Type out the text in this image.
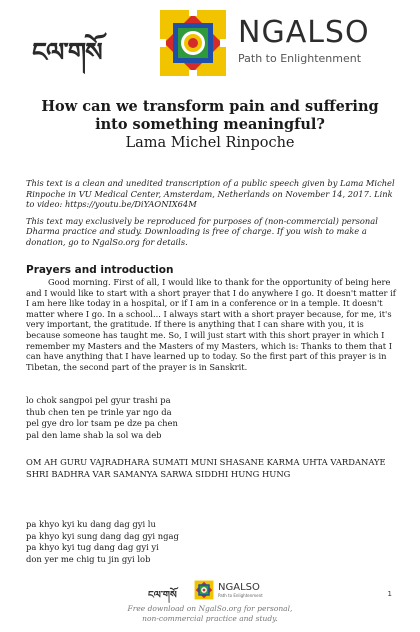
ངལ་གསོ
NGALSO
Path to Enlightenment

How can we transform pain and suffering

into something meaningful?

Lama Michel Rinpoche

This text is a clean and unedited transcription of a public speech given by Lama Michel Rinpoche in VU Medical Center, Amsterdam, Netherlands on November 14, 2017. Link to video: https://youtu.be/DiYAONIX64M

This text may exclusively be reproduced for purposes of (non-commercial) personal Dharma practice and study. Downloading is free of charge. If you wish to make a donation, go to NgalSo.org for details.

Prayers and introduction

Good morning. First of all, I would like to thank for the opportunity of being here and I would like to start with a short prayer that I do anywhere I go. It doesn't matter if I am here like today in a hospital, or if I am in a conference or in a temple. It doesn't matter where I go. In a school... I always start with a short prayer because, for me, it's very important, the gratitude. If there is anything that I can share with you, it is because someone has taught me. So, I will just start with this short prayer in which I remember my Masters and the Masters of my Masters, which is: Thanks to them that I can have anything that I have learned up to today. So the first part of this prayer is in Tibetan, the second part of the prayer is in Sanskrit.

lo chok sangpoi pel gyur trashi pa
thub chen ten pe trinle yar ngo da
pel gye dro lor tsam pe dze pa chen
pal den lame shab la sol wa deb
OM AH GURU VAJRADHARA SUMATI MUNI SHASANE KARMA UHTA VARDANAYE SHRI BADHRA VAR SAMANYA SARWA SIDDHI HUNG HUNG
pa khyo kyi ku dang dag gyi lu
pa khyo kyi sung dang dag gyi ngag
pa khyo kyi tug dang dag gyi yi
don yer me chig tu jin gyi lob
ངལ་གསོ
NGALSO
Path to Enlightenment
Free download on NgalSo.org for personal,
non-commercial practice and study.
1
